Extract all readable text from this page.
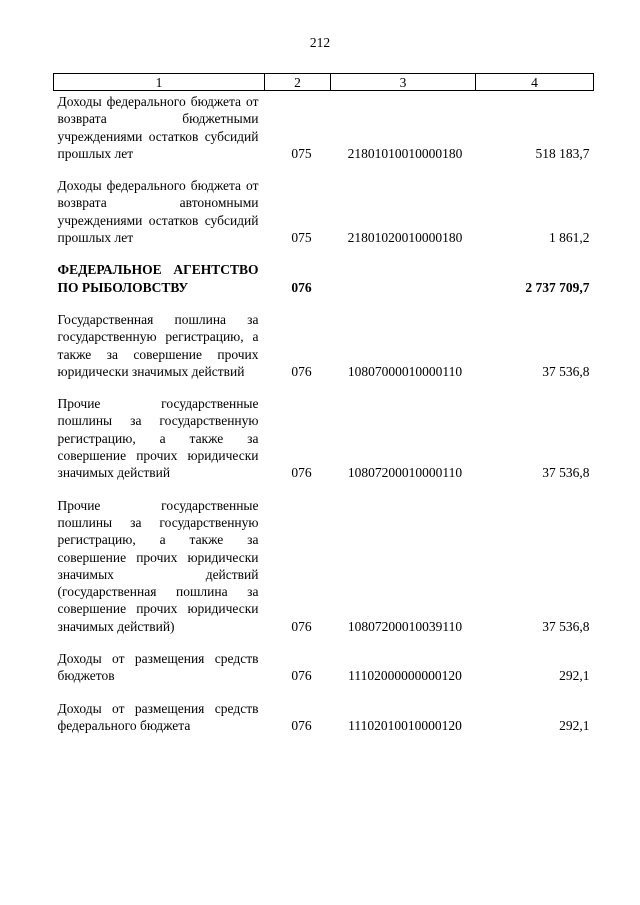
212
1	2	3	4
Доходы федерального бюджета от возврата бюджетными учреждениями остатков субсидий прошлых лет	075	21801010010000180	518 183,7
Доходы федерального бюджета от возврата автономными учреждениями остатков субсидий прошлых лет	075	21801020010000180	1 861,2
ФЕДЕРАЛЬНОЕ АГЕНТСТВО ПО РЫБОЛОВСТВУ	076		2 737 709,7
Государственная пошлина за государственную регистрацию, а также за совершение прочих юридически значимых действий	076	10807000010000110	37 536,8
Прочие государственные пошлины за государственную регистрацию, а также за совершение прочих юридически значимых действий	076	10807200010000110	37 536,8
Прочие государственные пошлины за государственную регистрацию, а также за совершение прочих юридически значимых действий (государственная пошлина за совершение прочих юридически значимых действий)	076	10807200010039110	37 536,8
Доходы от размещения средств бюджетов	076	11102000000000120	292,1
Доходы от размещения средств федерального бюджета	076	11102010010000120	292,1
